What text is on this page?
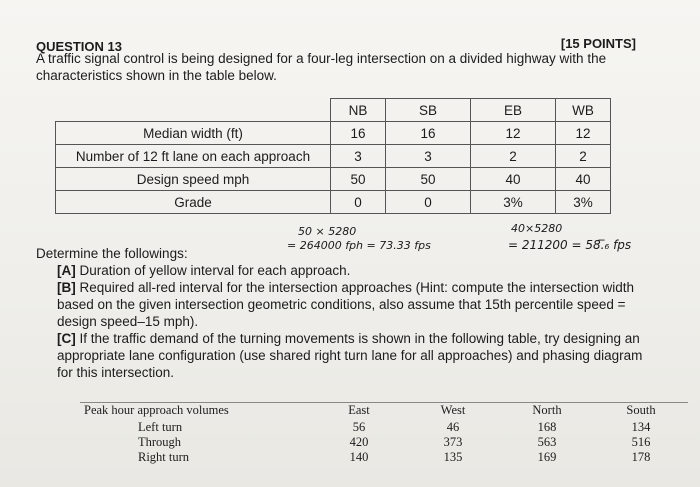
QUESTION 13	[15 POINTS]
A traffic signal control is being designed for a four-leg intersection on a divided highway with the characteristics shown in the table below.
	NB	SB	EB	WB
Median width (ft)	16	16	12	12
Number of 12 ft lane on each approach	3	3	2	2
Design speed mph	50	50	40	40
Grade	0	0	3%	3%
50 × 5280
= 264000 fph = 73.33 fps
40×5280
= 211200 = 58.̅₆ fps
Determine the followings:

[A] Duration of yellow interval for each approach.

[B] Required all-red interval for the intersection approaches (Hint: compute the intersection width based on the given intersection geometric conditions, also assume that 15th percentile speed = design speed–15 mph).

[C] If the traffic demand of the turning movements is shown in the following table, try designing an appropriate lane configuration (use shared right turn lane for all approaches) and phasing diagram for this intersection.

Peak hour approach volumes	East	West	North	South
Left turn	56	46	168	134
Through	420	373	563	516
Right turn	140	135	169	178
